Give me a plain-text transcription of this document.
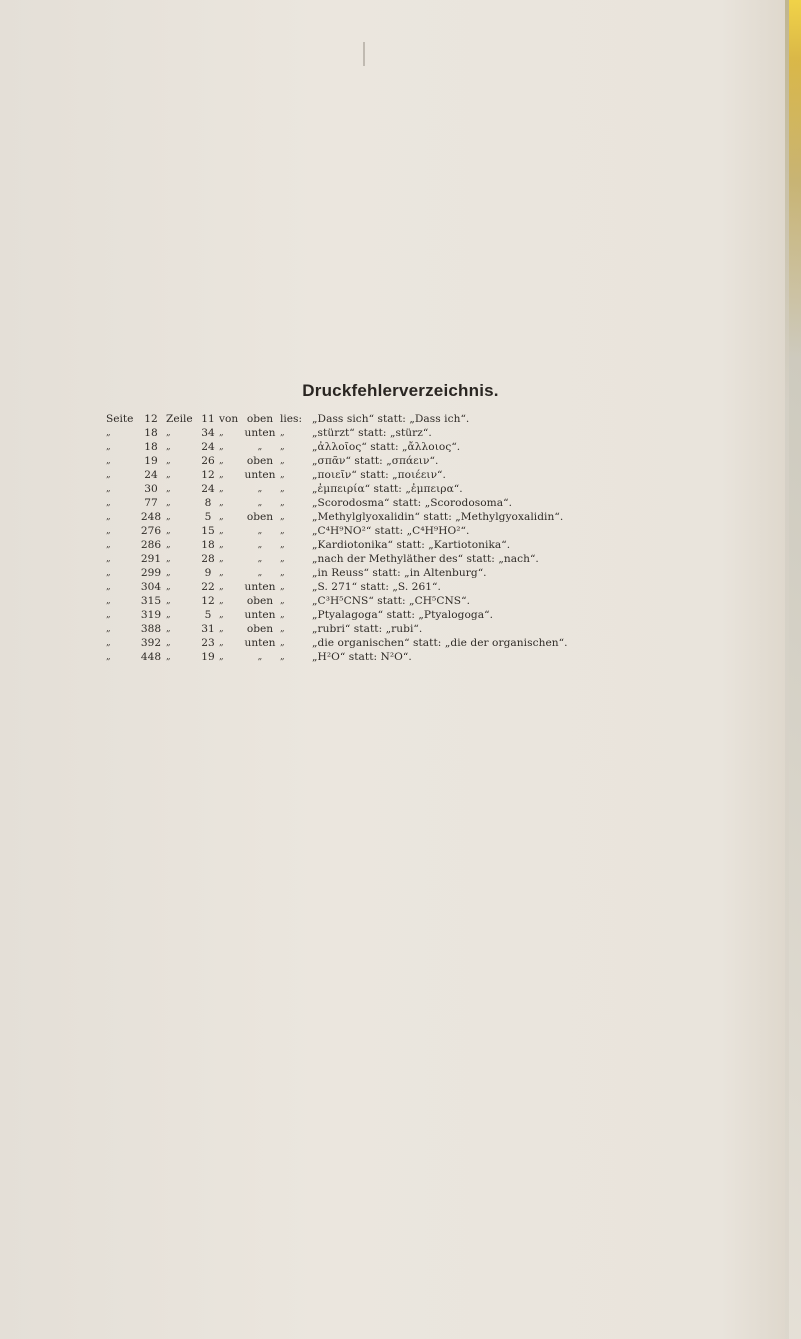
Druckfehlerverzeichnis.
Seite	12	Zeile	11	von	oben	lies:	„Dass sich“ statt: „Dass ich“.
„	18	„	34	„	unten	„	„stürzt“ statt: „stürz“.
„	18	„	24	„	„	„	„ἀλλοῖος“ statt: „ἄλλοιος“.
„	19	„	26	„	oben	„	„σπᾶν“ statt: „σπάειν“.
„	24	„	12	„	unten	„	„ποιεῖν“ statt: „ποιέειν“.
„	30	„	24	„	„	„	„ἐμπειρία“ statt: „ἐμπειρα“.
„	77	„	8	„	„	„	„Scorodosma“ statt: „Scorodosoma“.
„	248	„	5	„	oben	„	„Methylglyoxalidin“ statt: „Methylgyoxalidin“.
„	276	„	15	„	„	„	„C⁴H⁹NO²“ statt: „C⁴H⁹HO²“.
„	286	„	18	„	„	„	„Kardiotonika“ statt: „Kartiotonika“.
„	291	„	28	„	„	„	„nach der Methyläther des“ statt: „nach“.
„	299	„	9	„	„	„	„in Reuss“ statt: „in Altenburg“.
„	304	„	22	„	unten	„	„S. 271“ statt: „S. 261“.
„	315	„	12	„	oben	„	„C³H⁵CNS“ statt: „CH⁵CNS“.
„	319	„	5	„	unten	„	„Ptyalagoga“ statt: „Ptyalogoga“.
„	388	„	31	„	oben	„	„rubri“ statt: „rubi“.
„	392	„	23	„	unten	„	„die organischen“ statt: „die der organischen“.
„	448	„	19	„	„	„	„H²O“ statt: N²O“.
